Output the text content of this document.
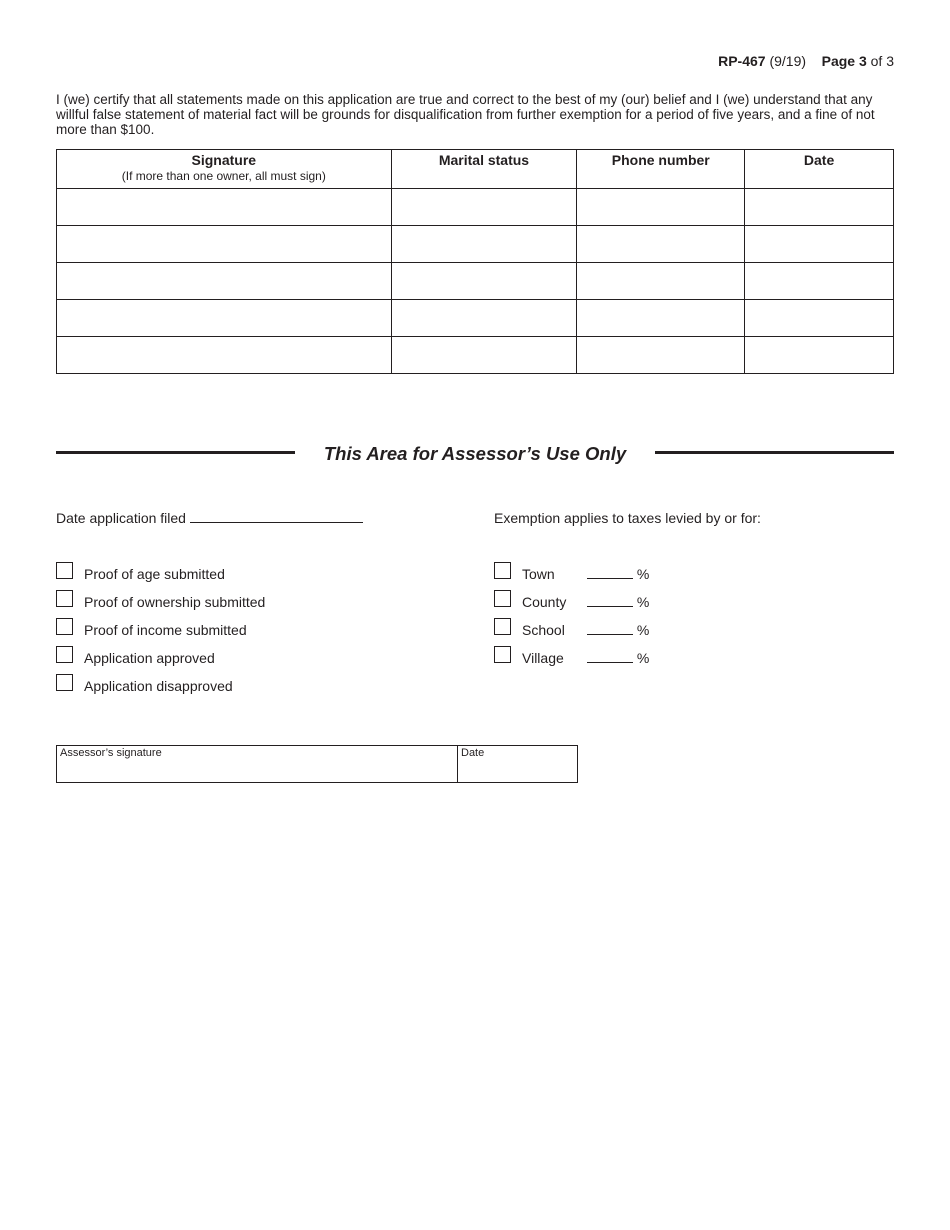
RP-467 (9/19) Page 3 of 3
I (we) certify that all statements made on this application are true and correct to the best of my (our) belief and I (we) understand that any willful false statement of material fact will be grounds for disqualification from further exemption for a period of five years, and a fine of not more than $100.
Signature
(If more than one owner, all must sign)	Marital status	Phone number	Date

This Area for Assessor’s Use Only
Date application filed	Exemption applies to taxes levied by or for:
Proof of age submitted
Proof of ownership submitted
Proof of income submitted
Application approved
Application disapproved
Town	%
County	%
School	%
Village	%
Assessor’s signature	Date
